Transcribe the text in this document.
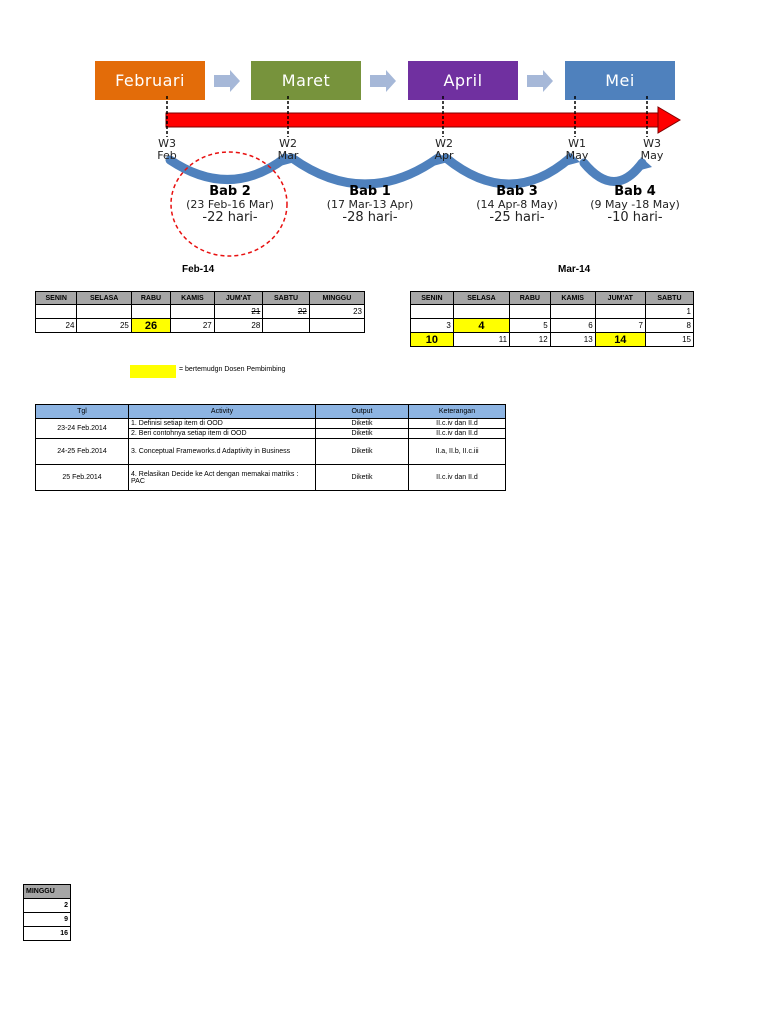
Februari	Maret	April	Mei
W3
Feb
W2
Mar
W2
Apr
W1
May
W3
May
Bab 2
(23 Feb-16 Mar)
-22 hari-
Bab 1
(17 Mar-13 Apr)
-28 hari-
Bab 3
(14 Apr-8 May)
-25 hari-
Bab 4
(9 May -18 May)
-10 hari-
Feb-14	Mar-14
SENIN	SELASA	RABU	KAMIS	JUM'AT	SABTU	MINGGU
				21	22	23
24	25	26	27	28		
SENIN	SELASA	RABU	KAMIS	JUM'AT	SABTU
					1
3	4	5	6	7	8
10	11	12	13	14	15
= bertemudgn Dosen Pembimbing
Tgl	Activity	Output	Keterangan
23-24 Feb.2014	1. Definisi setiap item di OOD	Diketik	II.c.iv dan II.d
	2. Beri contohnya setiap item di OOD	Diketik	II.c.iv dan II.d
24-25 Feb.2014	3. Conceptual Frameworks.d Adaptivity in Business	Diketik	II.a, II.b, II.c.iii
25 Feb.2014	4. Relasikan Decide ke Act dengan memakai matriks : PAC	Diketik	II.c.iv dan II.d
MINGGU
2
9
16
